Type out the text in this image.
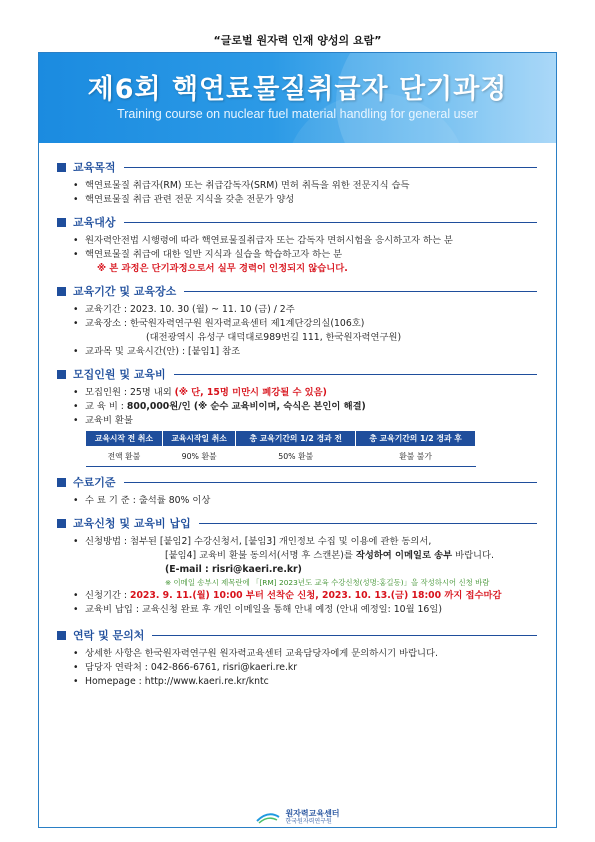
“글로벌 원자력 인재 양성의 요람”
제6회 핵연료물질취급자 단기과정
Training course on nuclear fuel material handling for general user
교육목적
• 핵연료물질 취급자(RM) 또는 취급감독자(SRM) 면허 취득을 위한 전문지식 습득
• 핵연료물질 취급 관련 전문 지식을 갖춘 전문가 양성
교육대상
• 원자력안전법 시행령에 따라 핵연료물질취급자 또는 감독자 면허시험을 응시하고자 하는 분
• 핵연료물질 취급에 대한 일반 지식과 실습을 학습하고자 하는 분
※ 본 과정은 단기과정으로서 실무 경력이 인정되지 않습니다.
교육기간 및 교육장소
• 교육기간 : 2023. 10. 30 (월) ~ 11. 10 (금) / 2주
• 교육장소 : 한국원자력연구원 원자력교육센터 제1계단강의실(106호)
(대전광역시 유성구 대덕대로989번길 111, 한국원자력연구원)
• 교과목 및 교육시간(안) : [붙임1] 참조
모집인원 및 교육비
• 모집인원 : 25명 내외 (※ 단, 15명 미만시 폐강될 수 있음)
• 교 육 비 : 800,000원/인 (※ 순수 교육비이며, 숙식은 본인이 해결)
• 교육비 환불
교육시작 전 취소	교육시작일 취소	총 교육기간의 1/2 경과 전	총 교육기간의 1/2 경과 후
전액 환불	90% 환불	50% 환불	환불 불가
수료기준
• 수 료 기 준 : 출석률 80% 이상
교육신청 및 교육비 납입
• 신청방법 : 첨부된 [붙임2] 수강신청서, [붙임3] 개인정보 수집 및 이용에 관한 동의서,
[붙임4] 교육비 환불 동의서(서명 후 스캔본)를 작성하여 이메일로 송부 바랍니다.
(E-mail : risri@kaeri.re.kr)
※ 이메일 송부시 제목란에 「[RM] 2023년도 교육 수강신청(성명:홍길동)」을 작성하시어 신청 바람
• 신청기간 : 2023. 9. 11.(월) 10:00 부터 선착순 신청, 2023. 10. 13.(금) 18:00 까지 접수마감
• 교육비 납입 : 교육신청 완료 후 개인 이메일을 통해 안내 예정 (안내 예정일: 10월 16일)
연락 및 문의처
• 상세한 사항은 한국원자력연구원 원자력교육센터 교육담당자에게 문의하시기 바랍니다.
• 담당자 연락처 : 042-866-6761, risri@kaeri.re.kr
• Homepage : http://www.kaeri.re.kr/kntc
원자력교육센터
한국원자력연구원
